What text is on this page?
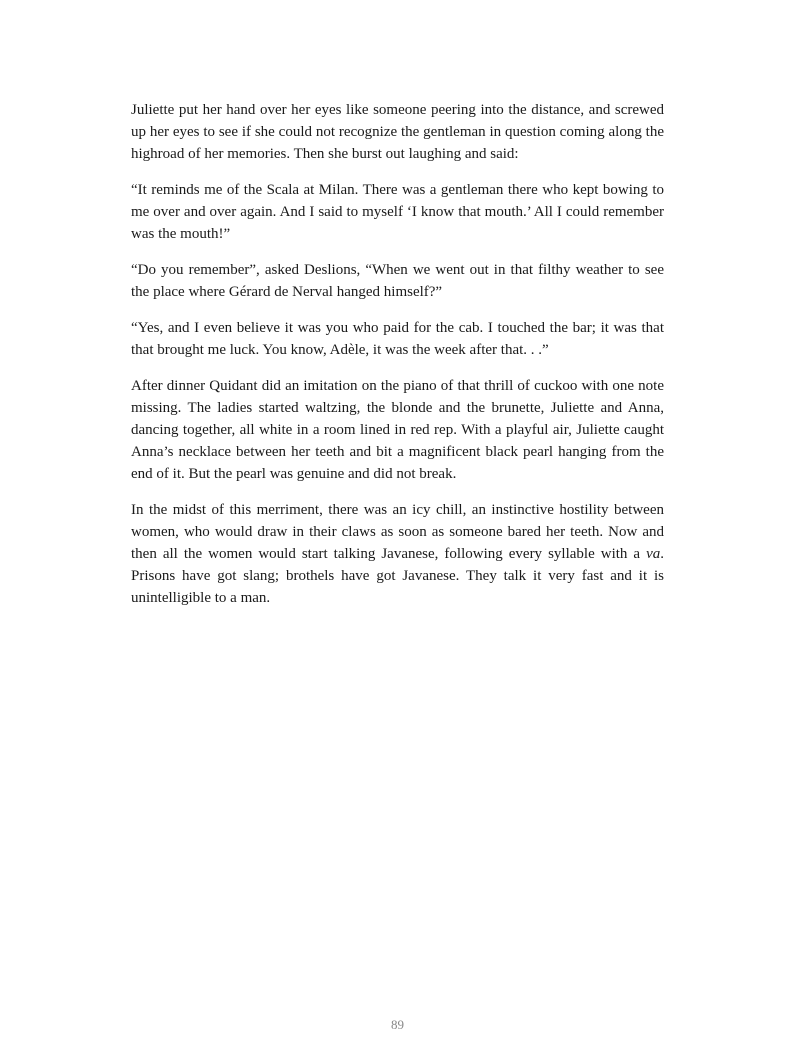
Juliette put her hand over her eyes like someone peering into the distance, and screwed up her eyes to see if she could not recognize the gentleman in question coming along the highroad of her memories. Then she burst out laughing and said:

“It reminds me of the Scala at Milan. There was a gentleman there who kept bowing to me over and over again. And I said to myself ‘I know that mouth.’ All I could remember was the mouth!”

“Do you remember”, asked Deslions, “When we went out in that filthy weather to see the place where Gérard de Nerval hanged himself?”

“Yes, and I even believe it was you who paid for the cab. I touched the bar; it was that that brought me luck. You know, Adèle, it was the week after that. . .”

After dinner Quidant did an imitation on the piano of that thrill of cuckoo with one note missing. The ladies started waltzing, the blonde and the brunette, Juliette and Anna, dancing together, all white in a room lined in red rep. With a playful air, Juliette caught Anna’s necklace between her teeth and bit a magnificent black pearl hanging from the end of it. But the pearl was genuine and did not break.

In the midst of this merriment, there was an icy chill, an instinctive hostility between women, who would draw in their claws as soon as someone bared her teeth. Now and then all the women would start talking Javanese, following every syllable with a va. Prisons have got slang; brothels have got Javanese. They talk it very fast and it is unintelligible to a man.

89
